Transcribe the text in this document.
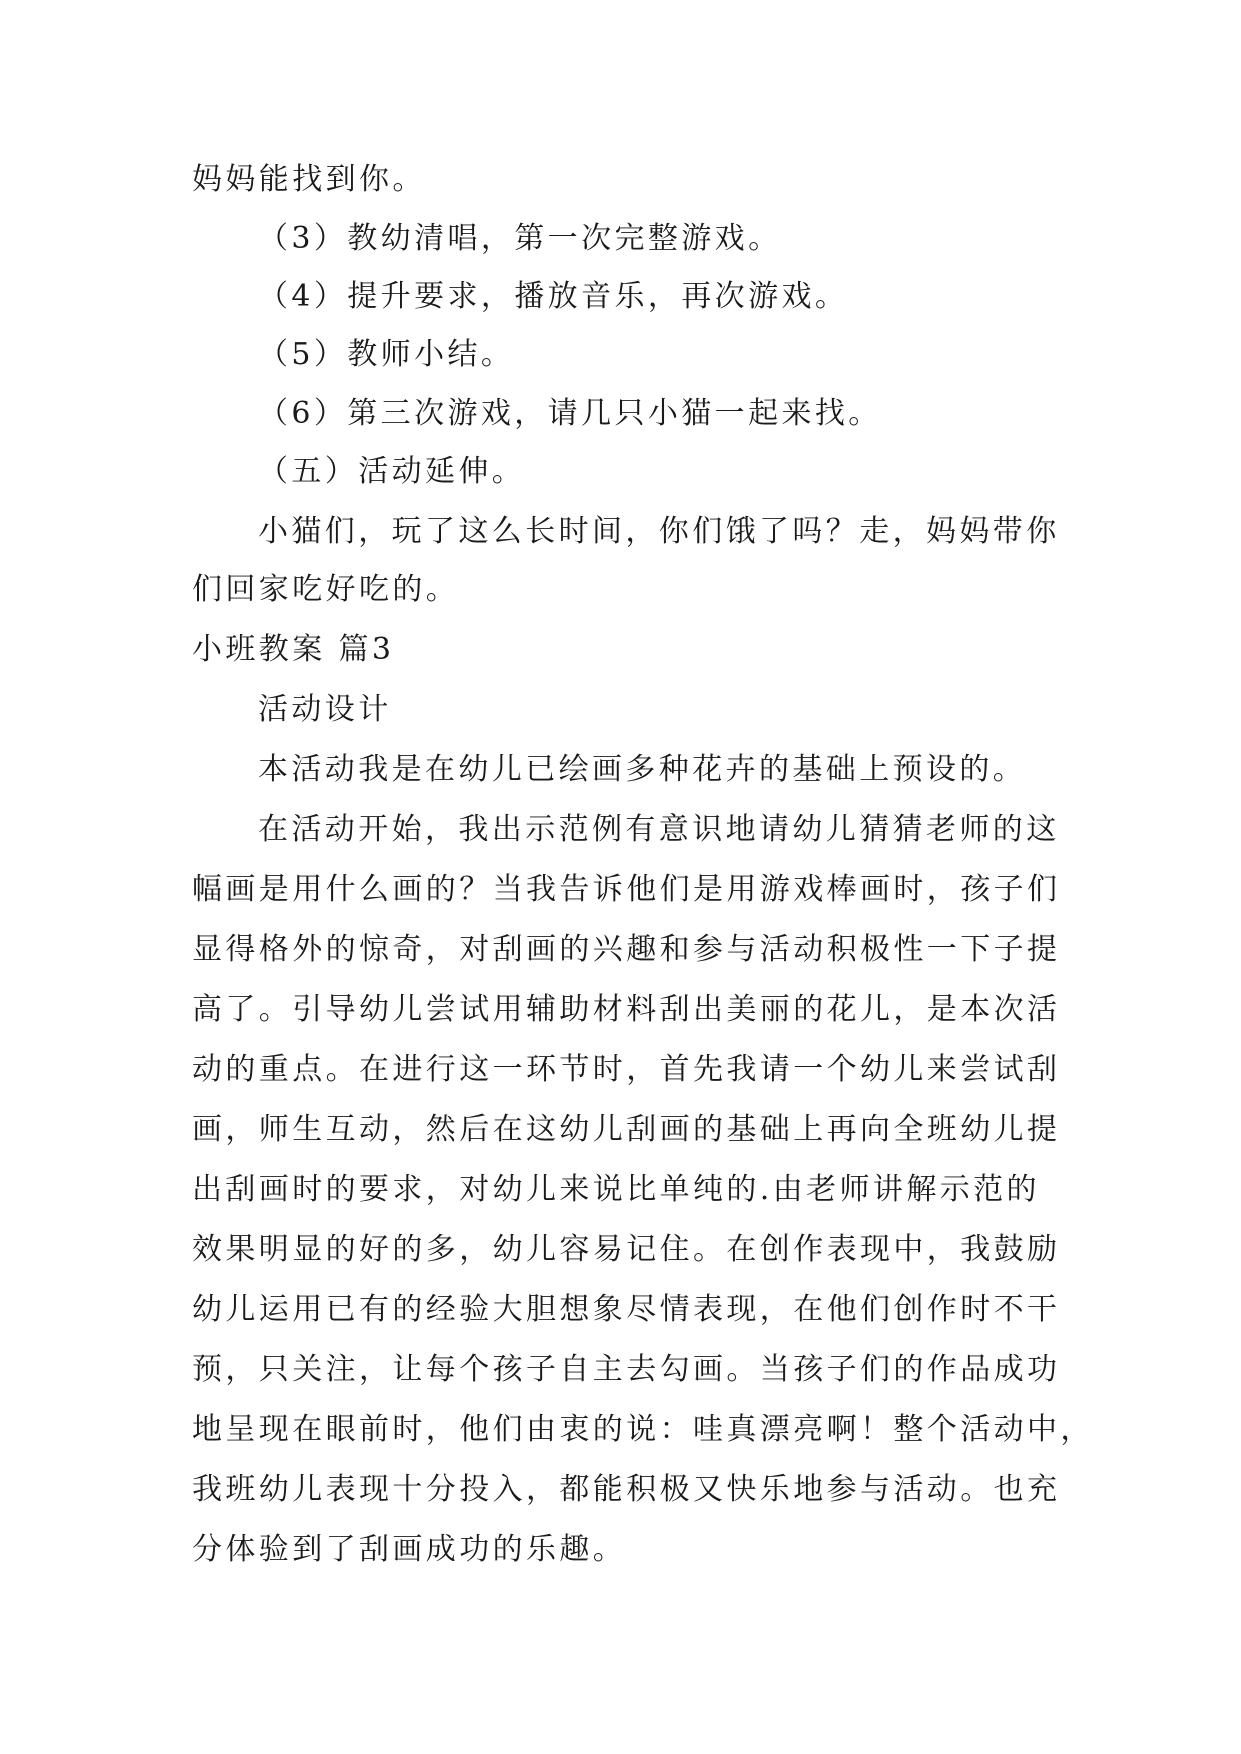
妈妈能找到你。
（3）教幼清唱，第一次完整游戏。
（4）提升要求，播放音乐，再次游戏。
（5）教师小结。
（6）第三次游戏，请几只小猫一起来找。
（五）活动延伸。
小猫们，玩了这么长时间，你们饿了吗？走，妈妈带你
们回家吃好吃的。
小班教案 篇3
活动设计
本活动我是在幼儿已绘画多种花卉的基础上预设的。
在活动开始，我出示范例有意识地请幼儿猜猜老师的这
幅画是用什么画的？当我告诉他们是用游戏棒画时，孩子们
显得格外的惊奇，对刮画的兴趣和参与活动积极性一下子提
高了。引导幼儿尝试用辅助材料刮出美丽的花儿，是本次活
动的重点。在进行这一环节时，首先我请一个幼儿来尝试刮
画，师生互动，然后在这幼儿刮画的基础上再向全班幼儿提
出刮画时的要求，对幼儿来说比单纯的.由老师讲解示范的
效果明显的好的多，幼儿容易记住。在创作表现中，我鼓励
幼儿运用已有的经验大胆想象尽情表现，在他们创作时不干
预，只关注，让每个孩子自主去勾画。当孩子们的作品成功
地呈现在眼前时，他们由衷的说：哇真漂亮啊！整个活动中，
我班幼儿表现十分投入，都能积极又快乐地参与活动。也充
分体验到了刮画成功的乐趣。
